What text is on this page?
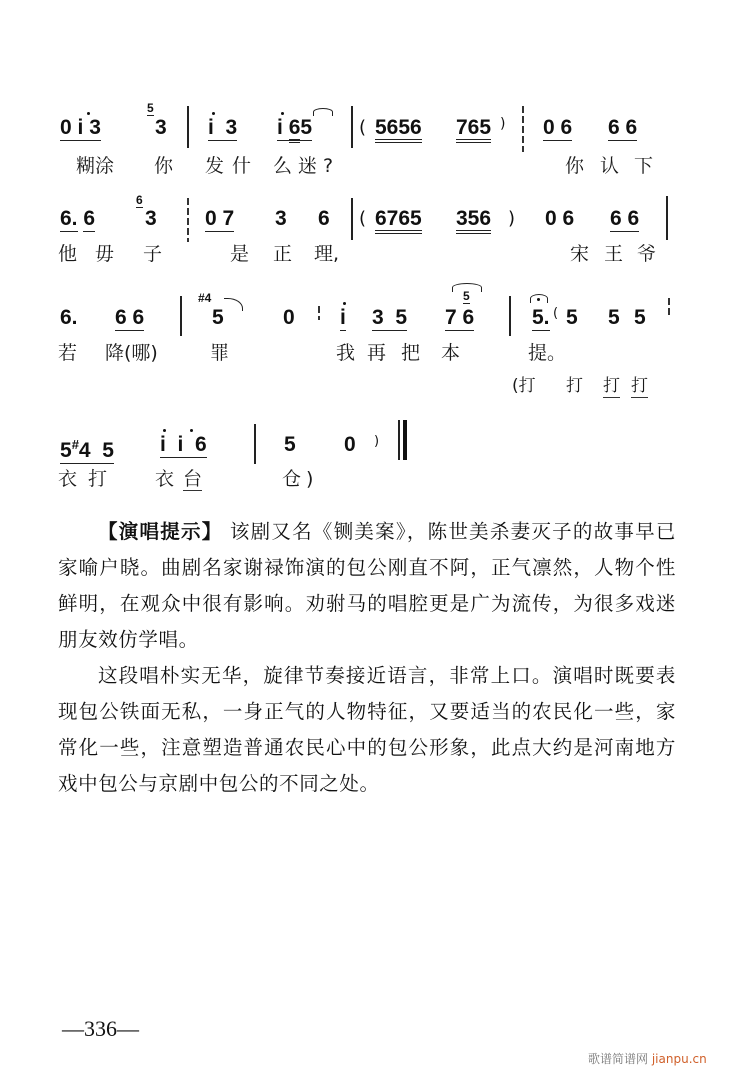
0 i 3
5
3 i 3 i 65	( 5656 765 ) 0 6 6 6
糊涂 你 发什 么迷?	你 认 下
6. 6
6
3 0 7 3 6 ( 6765 356 ) 0 6 6 6
他 毋 子	是 正 理,	宋 王 爷
6. 6 6
#4
5	0 i 3 5
5
7 6	5. ( 5 5 5
若 降(哪)	罪	我 再 把 本	提。
(打 打 打 打
5#4 5 i i 6	5 0 )
衣 打	衣 台	仓 )

【演唱提示】 该剧又名《铡美案》，陈世美杀妻灭子的故事早已家喻户晓。曲剧名家谢禄饰演的包公刚直不阿，正气凛然，人物个性鲜明，在观众中很有影响。劝驸马的唱腔更是广为流传，为很多戏迷朋友效仿学唱。

这段唱朴实无华，旋律节奏接近语言，非常上口。演唱时既要表现包公铁面无私，一身正气的人物特征，又要适当的农民化一些，家常化一些，注意塑造普通农民心中的包公形象，此点大约是河南地方戏中包公与京剧中包公的不同之处。

—336—
歌谱简谱网 jianpu.cn
